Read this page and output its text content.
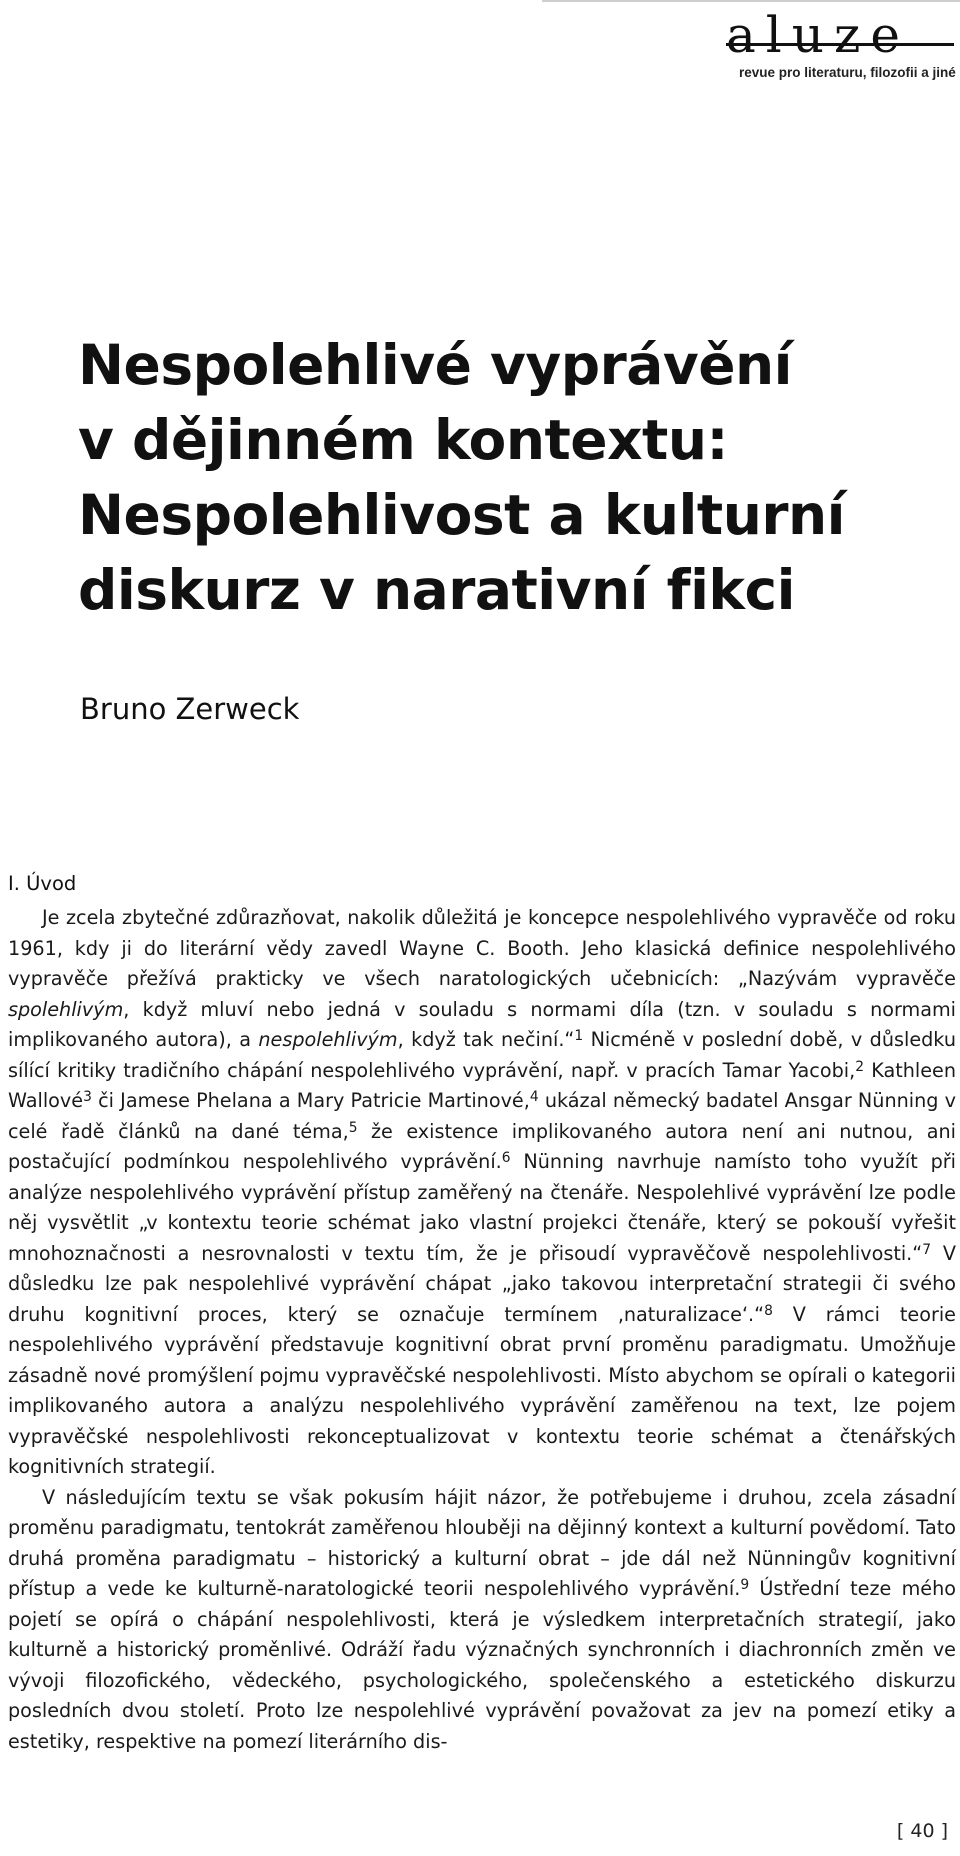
aluze
revue pro literaturu, filozofii a jiné
Nespolehlivé vyprávění
v dějinném kontextu:
Nespolehlivost a kulturní
diskurz v narativní fikci
Bruno Zerweck
I. Úvod

Je zcela zbytečné zdůrazňovat, nakolik důležitá je koncepce nespolehlivého vypravěče od roku 1961, kdy ji do literární vědy zavedl Wayne C. Booth. Jeho klasická definice nespolehlivého vypravěče přežívá prakticky ve všech naratologických učebnicích: „Nazývám vypravěče spolehlivým, když mluví nebo jedná v souladu s normami díla (tzn. v souladu s normami implikovaného autora), a nespolehlivým, když tak nečiní.“$^1$ Nicméně v poslední době, v důsledku sílící kritiky tradičního chápání nespolehlivého vyprávění, např. v pracích Tamar Yacobi,$^2$ Kathleen Wallové$^3$ či Jamese Phelana a Mary Patricie Martinové,$^4$ ukázal německý badatel Ansgar Nünning v celé řadě článků na dané téma,$^5$ že existence implikovaného autora není ani nutnou, ani postačující podmínkou nespolehlivého vyprávění.$^6$ Nünning navrhuje namísto toho využít při analýze nespolehlivého vyprávění přístup zaměřený na čtenáře. Nespolehlivé vyprávění lze podle něj vysvětlit „v kontextu teorie schémat jako vlastní projekci čtenáře, který se pokouší vyřešit mnohoznačnosti a nesrovnalosti v textu tím, že je přisoudí vypravěčově nespolehlivosti.“$^7$ V důsledku lze pak nespolehlivé vyprávění chápat „jako takovou interpretační strategii či svého druhu kognitivní proces, který se označuje termínem ‚naturalizace‘.“$^8$ V rámci teorie nespolehlivého vyprávění představuje kognitivní obrat první proměnu paradigmatu. Umožňuje zásadně nové promýšlení pojmu vypravěčské nespolehlivosti. Místo abychom se opírali o kategorii implikovaného autora a analýzu nespolehlivého vyprávění zaměřenou na text, lze pojem vypravěčské nespolehlivosti rekonceptualizovat v kontextu teorie schémat a čtenářských kognitivních strategií.

V následujícím textu se však pokusím hájit názor, že potřebujeme i druhou, zcela zásadní proměnu paradigmatu, tentokrát zaměřenou hlouběji na dějinný kontext a kulturní povědomí. Tato druhá proměna paradigmatu – historický a kulturní obrat – jde dál než Nünningův kognitivní přístup a vede ke kulturně-naratologické teorii nespolehlivého vyprávění.$^9$ Ústřední teze mého pojetí se opírá o chápání nespolehlivosti, která je výsledkem interpretačních strategií, jako kulturně a historický proměnlivé. Odráží řadu význačných synchronních i diachronních změn ve vývoji filozofického, vědeckého, psychologického, společenského a estetického diskurzu posledních dvou století. Proto lze nespolehlivé vyprávění považovat za jev na pomezí etiky a estetiky, respektive na pomezí literárního dis-

[ 40 ]
